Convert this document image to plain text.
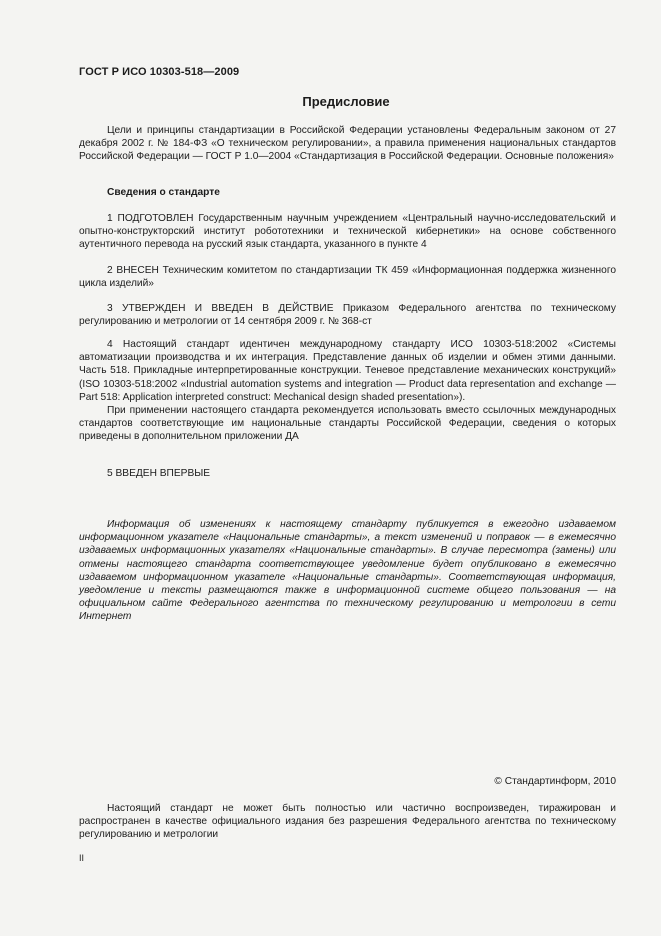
ГОСТ Р ИСО 10303-518—2009
Предисловие

Цели и принципы стандартизации в Российской Федерации установлены Федеральным законом от 27 декабря 2002 г. № 184-ФЗ «О техническом регулировании», а правила применения национальных стандартов Российской Федерации — ГОСТ Р 1.0—2004 «Стандартизация в Российской Федерации. Основные положения»

Сведения о стандарте

1 ПОДГОТОВЛЕН Государственным научным учреждением «Центральный научно-исследовательский и опытно-конструкторский институт робототехники и технической кибернетики» на основе собственного аутентичного перевода на русский язык стандарта, указанного в пункте 4

2 ВНЕСЕН Техническим комитетом по стандартизации ТК 459 «Информационная поддержка жизненного цикла изделий»

3 УТВЕРЖДЕН И ВВЕДЕН В ДЕЙСТВИЕ Приказом Федерального агентства по техническому регулированию и метрологии от 14 сентября 2009 г. № 368-ст

4 Настоящий стандарт идентичен международному стандарту ИСО 10303-518:2002 «Системы автоматизации производства и их интеграция. Представление данных об изделии и обмен этими данными. Часть 518. Прикладные интерпретированные конструкции. Теневое представление механических конструкций» (ISO 10303-518:2002 «Industrial automation systems and integration — Product data representation and exchange — Part 518: Application interpreted construct: Mechanical design shaded presentation»).

При применении настоящего стандарта рекомендуется использовать вместо ссылочных международных стандартов соответствующие им национальные стандарты Российской Федерации, сведения о которых приведены в дополнительном приложении ДА

5 ВВЕДЕН ВПЕРВЫЕ

Информация об изменениях к настоящему стандарту публикуется в ежегодно издаваемом информационном указателе «Национальные стандарты», а текст изменений и поправок — в ежемесячно издаваемых информационных указателях «Национальные стандарты». В случае пересмотра (замены) или отмены настоящего стандарта соответствующее уведомление будет опубликовано в ежемесячно издаваемом информационном указателе «Национальные стандарты». Соответствующая информация, уведомление и тексты размещаются также в информационной системе общего пользования — на официальном сайте Федерального агентства по техническому регулированию и метрологии в сети Интернет

© Стандартинформ, 2010

Настоящий стандарт не может быть полностью или частично воспроизведен, тиражирован и распространен в качестве официального издания без разрешения Федерального агентства по техническому регулированию и метрологии

II
